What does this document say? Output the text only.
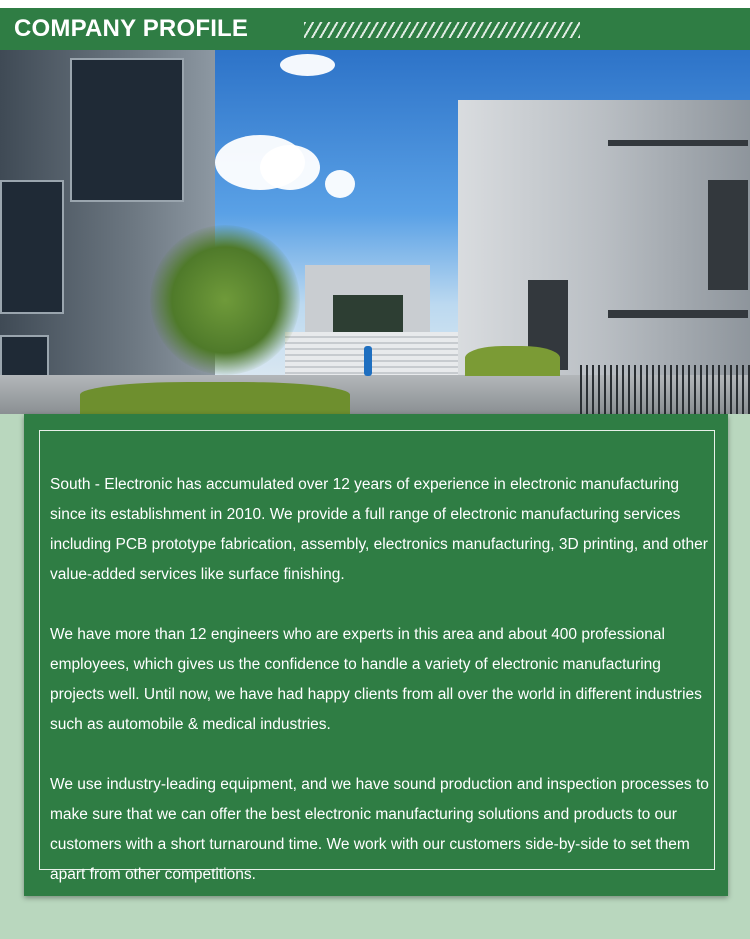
COMPANY PROFILE

South - Electronic has accumulated over 12 years of experience in electronic manufacturing since its establishment in 2010. We provide a full range of electronic manufacturing services including PCB prototype fabrication, assembly, electronics manufacturing, 3D printing, and other value-added services like surface finishing.

We have more than 12 engineers who are experts in this area and about 400 professional employees, which gives us the confidence to handle a variety of electronic manufacturing projects well. Until now, we have had happy clients from all over the world in different industries such as automobile & medical industries.

We use industry-leading equipment, and we have sound production and inspection processes to make sure that we can offer the best electronic manufacturing solutions and products to our customers with a short turnaround time. We work with our customers side-by-side to set them apart from other competitions.
